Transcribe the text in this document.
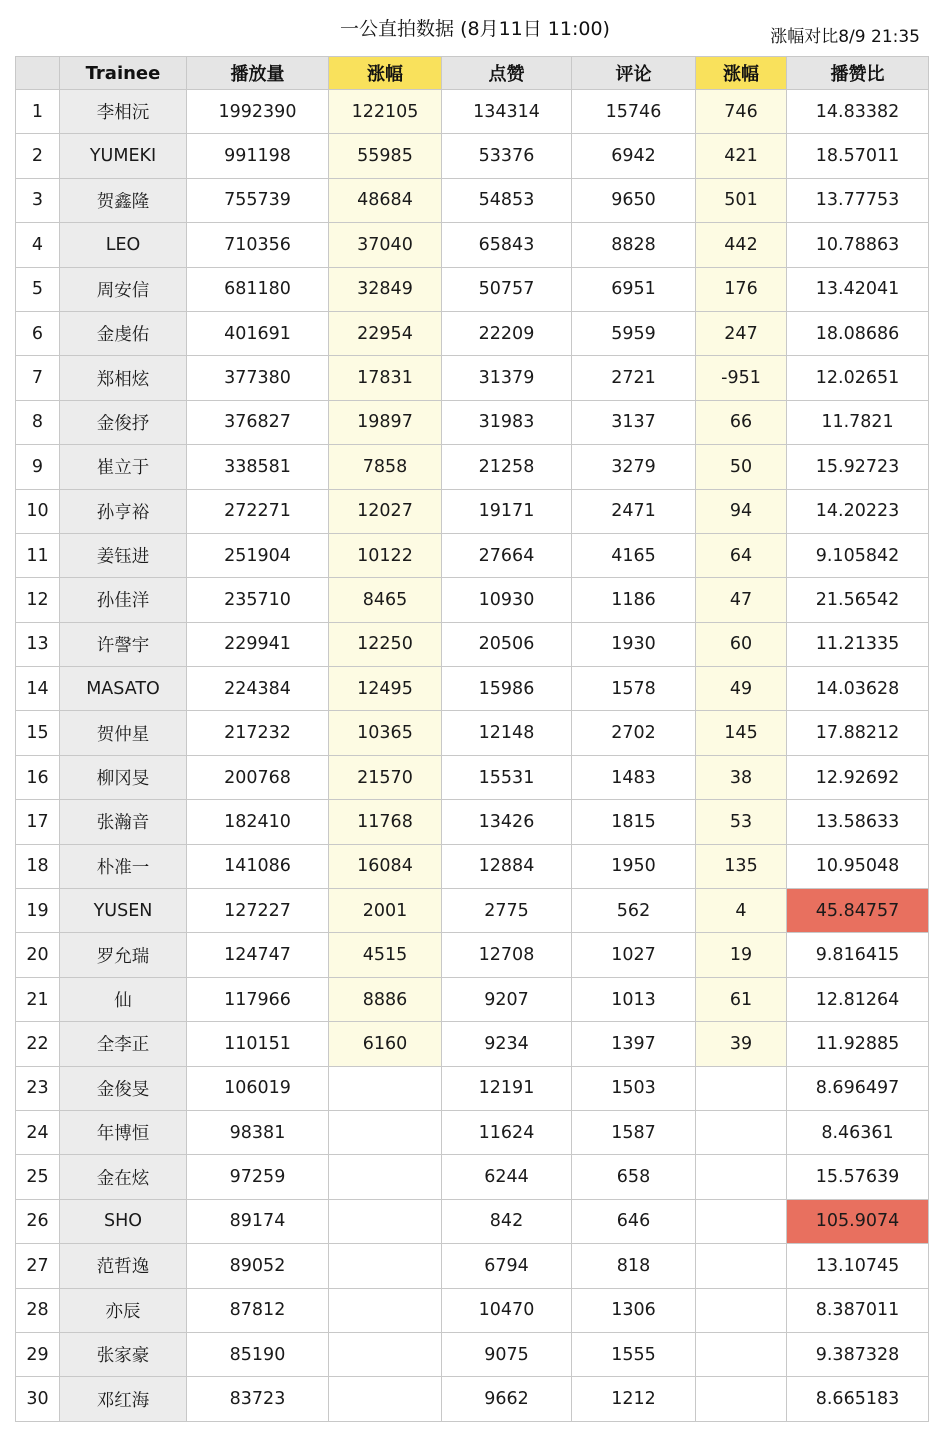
一公直拍数据 (8月11日 11:00)	涨幅对比8/9 21:35
	Trainee	播放量	涨幅	点赞	评论	涨幅	播赞比
1	李相沅	1992390	122105	134314	15746	746	14.83382
2	YUMEKI	991198	55985	53376	6942	421	18.57011
3	贺鑫隆	755739	48684	54853	9650	501	13.77753
4	LEO	710356	37040	65843	8828	442	10.78863
5	周安信	681180	32849	50757	6951	176	13.42041
6	金虔佑	401691	22954	22209	5959	247	18.08686
7	郑相炫	377380	17831	31379	2721	-951	12.02651
8	金俊抒	376827	19897	31983	3137	66	11.7821
9	崔立于	338581	7858	21258	3279	50	15.92723
10	孙亨裕	272271	12027	19171	2471	94	14.20223
11	姜钰进	251904	10122	27664	4165	64	9.105842
12	孙佳洋	235710	8465	10930	1186	47	21.56542
13	许謦宇	229941	12250	20506	1930	60	11.21335
14	MASATO	224384	12495	15986	1578	49	14.03628
15	贺仲星	217232	10365	12148	2702	145	17.88212
16	柳冈旻	200768	21570	15531	1483	38	12.92692
17	张瀚音	182410	11768	13426	1815	53	13.58633
18	朴准一	141086	16084	12884	1950	135	10.95048
19	YUSEN	127227	2001	2775	562	4	45.84757
20	罗允瑞	124747	4515	12708	1027	19	9.816415
21	仙	117966	8886	9207	1013	61	12.81264
22	全李正	110151	6160	9234	1397	39	11.92885
23	金俊旻	106019		12191	1503		8.696497
24	年博恒	98381		11624	1587		8.46361
25	金在炫	97259		6244	658		15.57639
26	SHO	89174		842	646		105.9074
27	范哲逸	89052		6794	818		13.10745
28	亦辰	87812		10470	1306		8.387011
29	张家豪	85190		9075	1555		9.387328
30	邓红海	83723		9662	1212		8.665183
